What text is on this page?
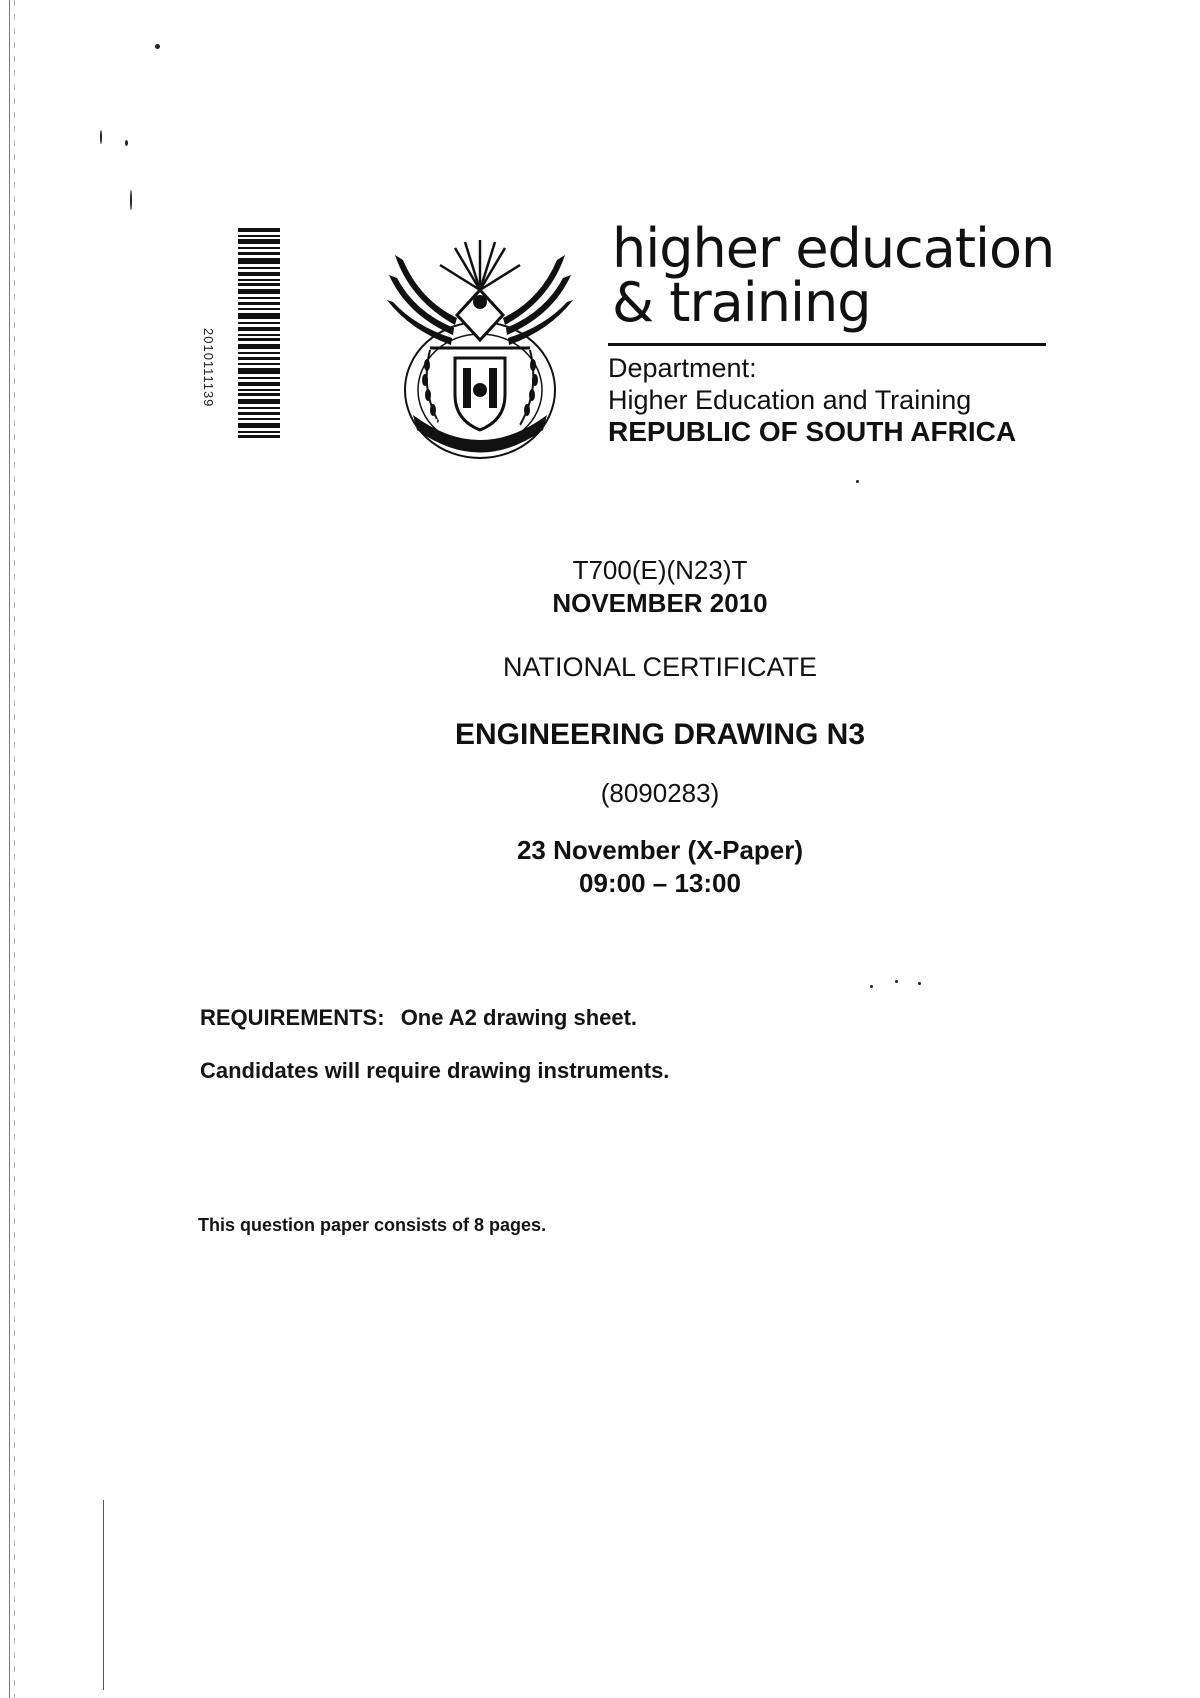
2010111139
!KE E: /XARRA //KE
higher education
& training
Department:
Higher Education and Training
REPUBLIC OF SOUTH AFRICA
T700(E)(N23)T
NOVEMBER 2010
NATIONAL CERTIFICATE
ENGINEERING DRAWING N3
(8090283)
23 November (X-Paper)
09:00 – 13:00
REQUIREMENTS: One A2 drawing sheet.
Candidates will require drawing instruments.
This question paper consists of 8 pages.
